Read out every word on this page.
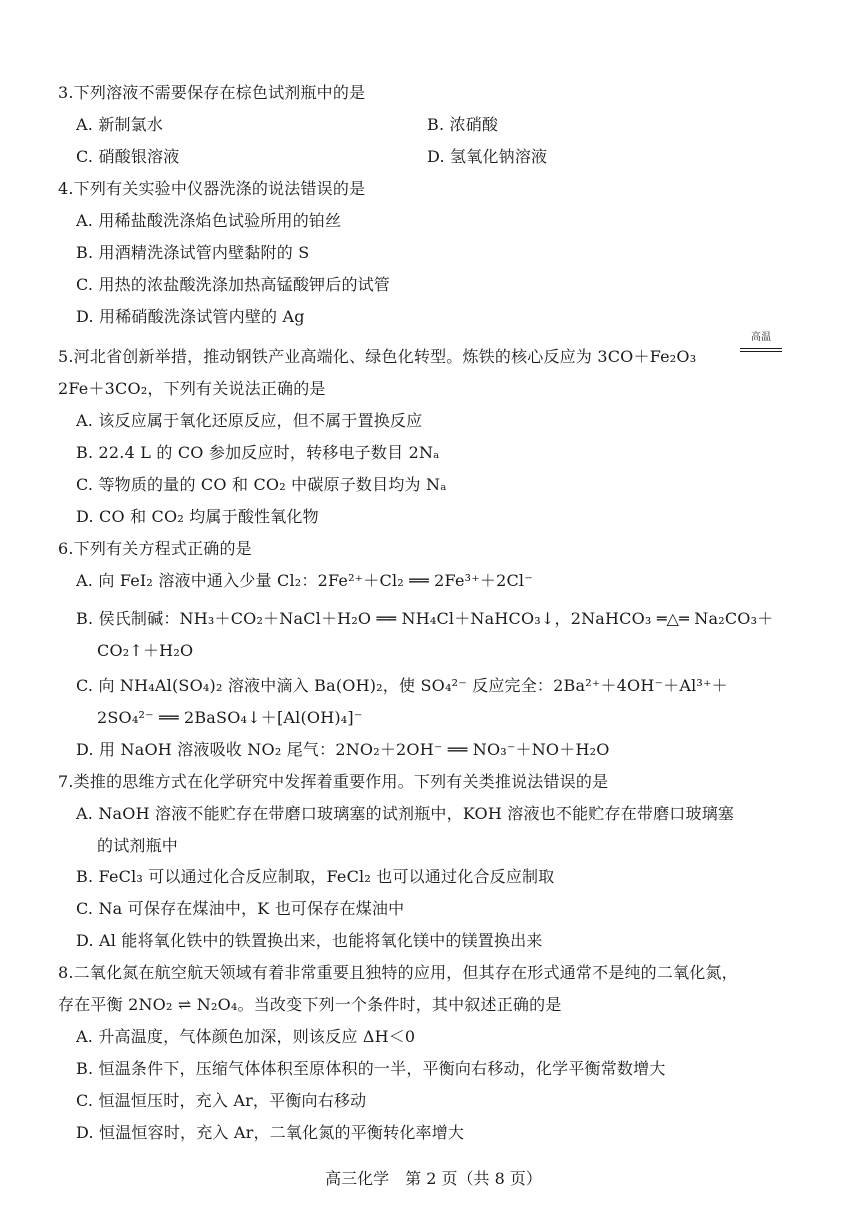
3.下列溶液不需要保存在棕色试剂瓶中的是
A. 新制氯水	B. 浓硝酸
C. 硝酸银溶液	D. 氢氧化钠溶液
4.下列有关实验中仪器洗涤的说法错误的是
A. 用稀盐酸洗涤焰色试验所用的铂丝
B. 用酒精洗涤试管内壁黏附的 S
C. 用热的浓盐酸洗涤加热高锰酸钾后的试管
D. 用稀硝酸洗涤试管内壁的 Ag
5.河北省创新举措，推动钢铁产业高端化、绿色化转型。炼铁的核心反应为 3CO＋Fe₂O₃
高温
2Fe＋3CO₂，下列有关说法正确的是
A. 该反应属于氧化还原反应，但不属于置换反应
B. 22.4 L 的 CO 参加反应时，转移电子数目 2Nₐ
C. 等物质的量的 CO 和 CO₂ 中碳原子数目均为 Nₐ
D. CO 和 CO₂ 均属于酸性氧化物
6.下列有关方程式正确的是
A. 向 FeI₂ 溶液中通入少量 Cl₂：2Fe²⁺＋Cl₂ ══ 2Fe³⁺＋2Cl⁻
B. 侯氏制碱：NH₃＋CO₂＋NaCl＋H₂O ══ NH₄Cl＋NaHCO₃↓，2NaHCO₃ ═△═ Na₂CO₃＋
CO₂↑＋H₂O
C. 向 NH₄Al(SO₄)₂ 溶液中滴入 Ba(OH)₂，使 SO₄²⁻ 反应完全：2Ba²⁺＋4OH⁻＋Al³⁺＋
2SO₄²⁻ ══ 2BaSO₄↓＋[Al(OH)₄]⁻
D. 用 NaOH 溶液吸收 NO₂ 尾气：2NO₂＋2OH⁻ ══ NO₃⁻＋NO＋H₂O
7.类推的思维方式在化学研究中发挥着重要作用。下列有关类推说法错误的是
A. NaOH 溶液不能贮存在带磨口玻璃塞的试剂瓶中，KOH 溶液也不能贮存在带磨口玻璃塞
的试剂瓶中
B. FeCl₃ 可以通过化合反应制取，FeCl₂ 也可以通过化合反应制取
C. Na 可保存在煤油中，K 也可保存在煤油中
D. Al 能将氧化铁中的铁置换出来，也能将氧化镁中的镁置换出来
8.二氧化氮在航空航天领域有着非常重要且独特的应用，但其存在形式通常不是纯的二氧化氮，
存在平衡 2NO₂ ⇌ N₂O₄。当改变下列一个条件时，其中叙述正确的是
A. 升高温度，气体颜色加深，则该反应 ΔH＜0
B. 恒温条件下，压缩气体体积至原体积的一半，平衡向右移动，化学平衡常数增大
C. 恒温恒压时，充入 Ar，平衡向右移动
D. 恒温恒容时，充入 Ar，二氧化氮的平衡转化率增大
高三化学　第 2 页（共 8 页）
